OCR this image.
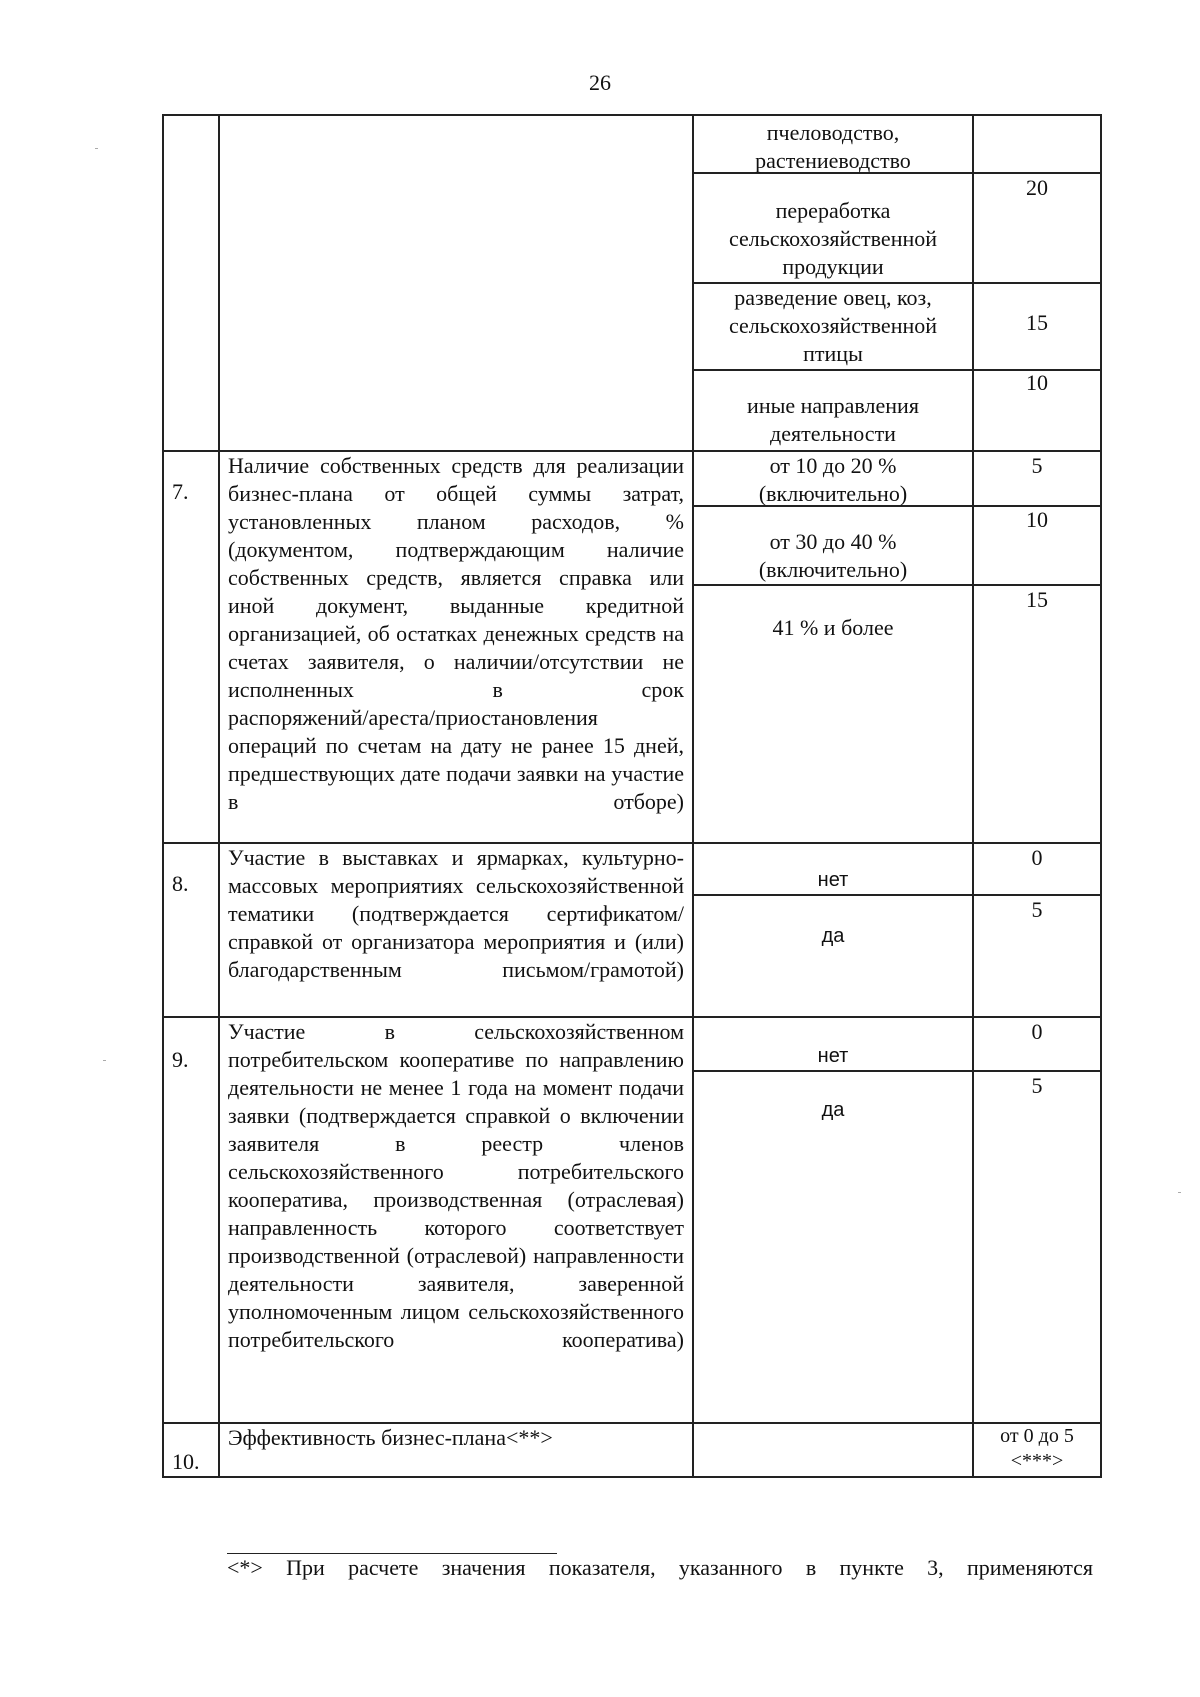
26
пчеловодство,
растениеводство
переработка
сельскохозяйственной
продукции
20
разведение овец, коз,
сельскохозяйственной
птицы
15
иные направления
деятельности
10
7.
Наличие собственных средств для реализации бизнес-плана от общей суммы затрат, установленных планом расходов, % (документом, подтверждающим наличие собственных средств, является справка или иной документ, выданные кредитной организацией, об остатках денежных средств на счетах заявителя, о наличии/отсутствии не исполненных в срок
распоряжений/ареста/приостановления
операций по счетам на дату не ранее 15 дней, предшествующих дате подачи заявки на участие в отборе)
от 10 до 20 %
(включительно)
5
от 30 до 40 %
(включительно)
10
41 % и более
15
8.
Участие в выставках и ярмарках, культурно-массовых мероприятиях сельскохозяйственной тематики (подтверждается сертификатом/справкой от организатора мероприятия и (или) благодарственным письмом/грамотой)
нет
0
да
5
9.
Участие в сельскохозяйственном потребительском кооперативе по направлению деятельности не менее 1 года на момент подачи заявки (подтверждается справкой о включении заявителя в реестр членов сельскохозяйственного потребительского кооператива, производственная (отраслевая) направленность которого соответствует производственной (отраслевой) направленности деятельности заявителя, заверенной уполномоченным лицом сельскохозяйственного потребительского кооператива)
нет
0
да
5
10.
Эффективность бизнес-плана<**>	от 0 до 5
<***>
<*> При расчете значения показателя, указанного в пункте 3, применяются
